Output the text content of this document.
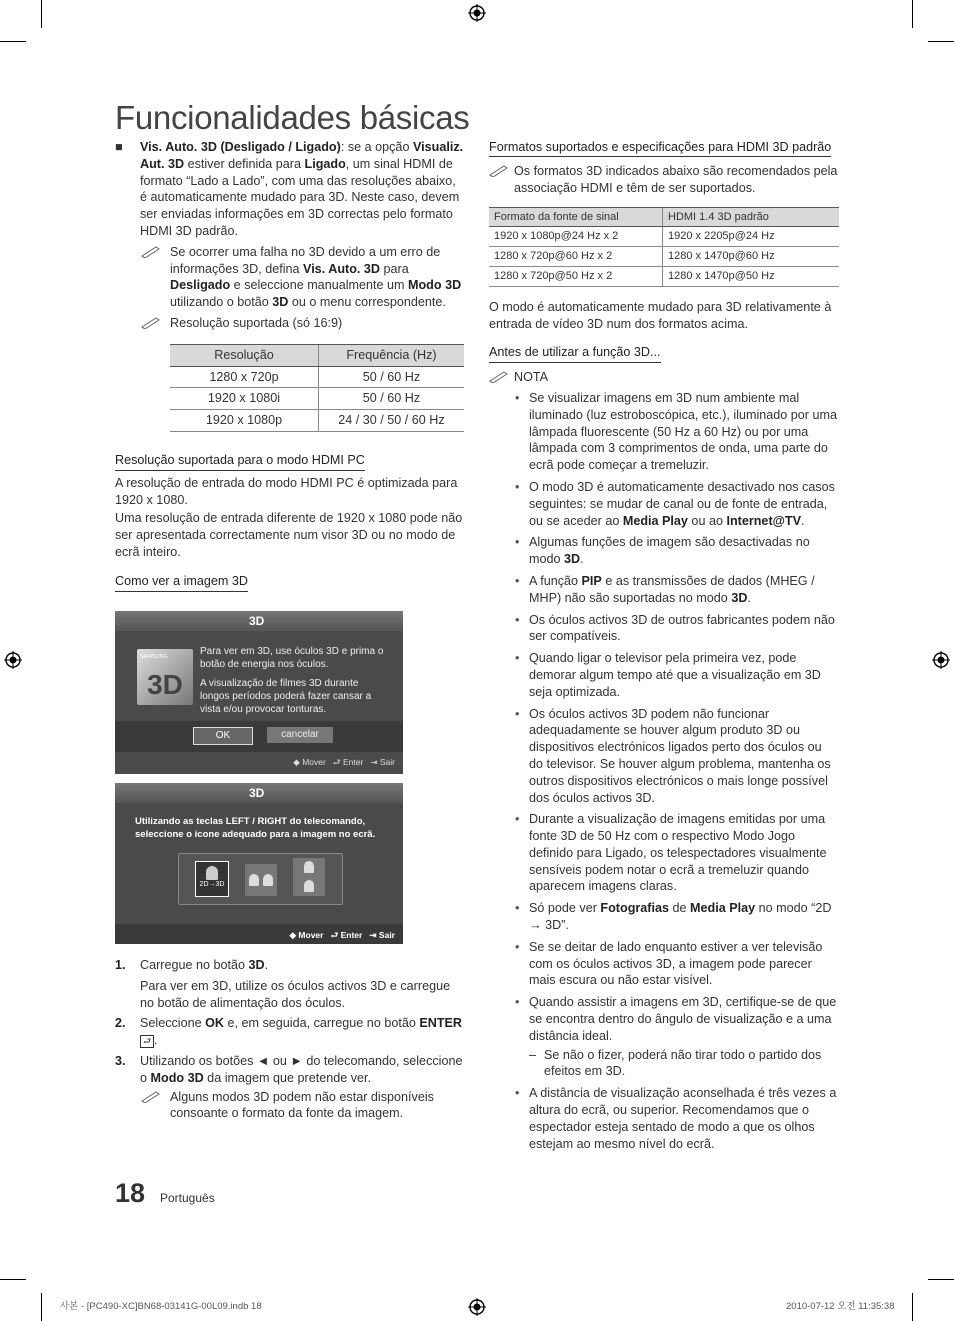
Funcionalidades básicas
■ Vis. Auto. 3D (Desligado / Ligado): se a opção Visualiz. Aut. 3D estiver definida para Ligado, um sinal HDMI de formato “Lado a Lado”, com uma das resoluções abaixo, é automaticamente mudado para 3D. Neste caso, devem ser enviadas informações em 3D correctas pelo formato HDMI 3D padrão.
Se ocorrer uma falha no 3D devido a um erro de informações 3D, defina Vis. Auto. 3D para Desligado e seleccione manualmente um Modo 3D utilizando o botão 3D ou o menu correspondente.
Resolução suportada (só 16:9)
Resolução	Frequência (Hz)
1280 x 720p	50 / 60 Hz
1920 x 1080i	50 / 60 Hz
1920 x 1080p	24 / 30 / 50 / 60 Hz
Resolução suportada para o modo HDMI PC

A resolução de entrada do modo HDMI PC é optimizada para 1920 x 1080.

Uma resolução de entrada diferente de 1920 x 1080 pode não ser apresentada correctamente num visor 3D ou no modo de ecrã inteiro.

Como ver a imagem 3D
3D
SAMSUNG
3D

Para ver em 3D, use óculos 3D e prima o botão de energia nos óculos.

A visualização de filmes 3D durante longos períodos poderá fazer cansar a vista e/ou provocar tonturas.

OK	cancelar
◆ Mover ⮐ Enter ⇥ Sair
3D
Utilizando as teclas LEFT / RIGHT do telecomando, seleccione o ícone adequado para a imagem no ecrã.
2D→3D
◆ Mover ⮐ Enter ⇥ Sair
1. Carregue no botão 3D.

Para ver em 3D, utilize os óculos activos 3D e carregue no botão de alimentação dos óculos.

2. Seleccione OK e, em seguida, carregue no botão ENTER⮐ .
3. Utilizando os botões ◄ ou ► do telecomando, seleccione o Modo 3D da imagem que pretende ver.
Alguns modos 3D podem não estar disponíveis consoante o formato da fonte da imagem.
18 Português
Formatos suportados e especificações para HDMI 3D padrão
Os formatos 3D indicados abaixo são recomendados pela associação HDMI e têm de ser suportados.
Formato da fonte de sinal	HDMI 1.4 3D padrão
1920 x 1080p@24 Hz x 2	1920 x 2205p@24 Hz
1280 x 720p@60 Hz x 2	1280 x 1470p@60 Hz
1280 x 720p@50 Hz x 2	1280 x 1470p@50 Hz

O modo é automaticamente mudado para 3D relativamente à entrada de vídeo 3D num dos formatos acima.

Antes de utilizar a função 3D...
NOTA
• Se visualizar imagens em 3D num ambiente mal iluminado (luz estroboscópica, etc.), iluminado por uma lâmpada fluorescente (50 Hz a 60 Hz) ou por uma lâmpada com 3 comprimentos de onda, uma parte do ecrã pode começar a tremeluzir.
• O modo 3D é automaticamente desactivado nos casos seguintes: se mudar de canal ou de fonte de entrada, ou se aceder ao Media Play ou ao Internet@TV.
• Algumas funções de imagem são desactivadas no modo 3D.
• A função PIP e as transmissões de dados (MHEG / MHP) não são suportadas no modo 3D.
• Os óculos activos 3D de outros fabricantes podem não ser compatíveis.
• Quando ligar o televisor pela primeira vez, pode demorar algum tempo até que a visualização em 3D seja optimizada.
• Os óculos activos 3D podem não funcionar adequadamente se houver algum produto 3D ou dispositivos electrónicos ligados perto dos óculos ou do televisor. Se houver algum problema, mantenha os outros dispositivos electrónicos o mais longe possível dos óculos activos 3D.
• Durante a visualização de imagens emitidas por uma fonte 3D de 50 Hz com o respectivo Modo Jogo definido para Ligado, os telespectadores visualmente sensíveis podem notar o ecrã a tremeluzir quando aparecem imagens claras.
• Só pode ver Fotografias de Media Play no modo “2D → 3D”.
• Se se deitar de lado enquanto estiver a ver televisão com os óculos activos 3D, a imagem pode parecer mais escura ou não estar visível.
• Quando assistir a imagens em 3D, certifique-se de que se encontra dentro do ângulo de visualização e a uma distância ideal.
– Se não o fizer, poderá não tirar todo o partido dos efeitos em 3D.
• A distância de visualização aconselhada é três vezes a altura do ecrã, ou superior. Recomendamos que o espectador esteja sentado de modo a que os olhos estejam ao mesmo nível do ecrã.
사본 - [PC490-XC]BN68-03141G-00L09.indb 18	2010-07-12 오전 11:35:38
